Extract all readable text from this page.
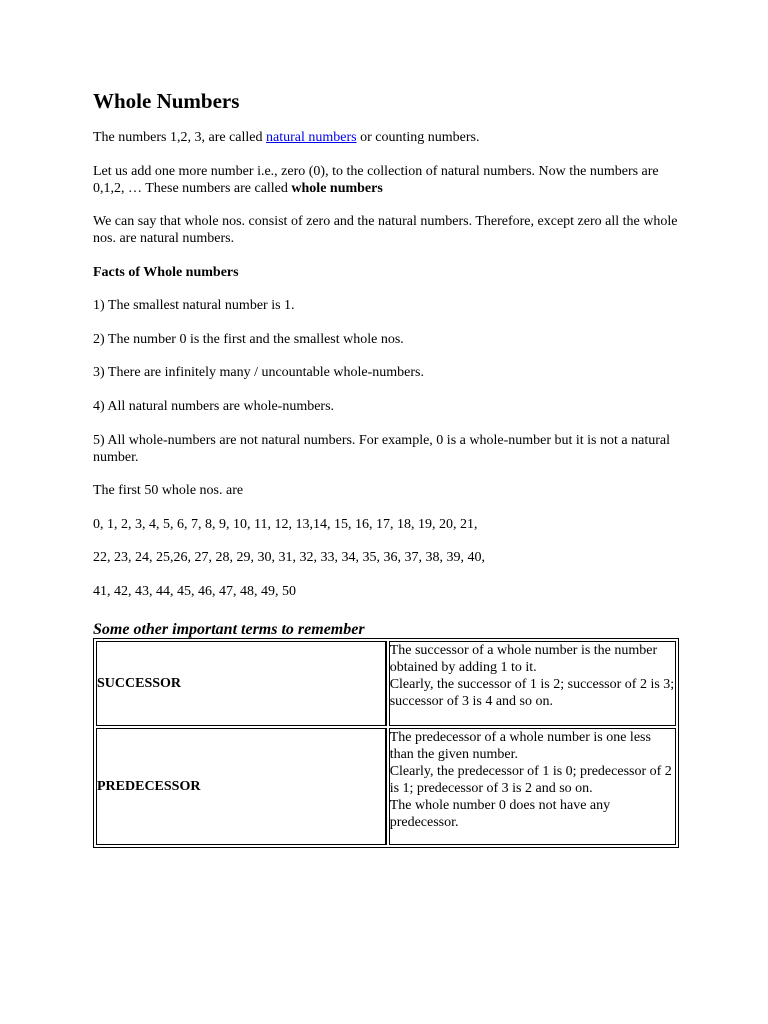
Whole Numbers

The numbers 1,2, 3, are called natural numbers or counting numbers.

Let us add one more number i.e., zero (0), to the collection of natural numbers. Now the numbers are 0,1,2, … These numbers are called whole numbers

We can say that whole nos. consist of zero and the natural numbers. Therefore, except zero all the whole nos. are natural numbers.

Facts of Whole numbers

1) The smallest natural number is 1.

2) The number 0 is the first and the smallest whole nos.

3) There are infinitely many / uncountable whole-numbers.

4) All natural numbers are whole-numbers.

5) All whole-numbers are not natural numbers. For example, 0 is a whole-number but it is not a natural number.

The first 50 whole nos. are

0, 1, 2, 3, 4, 5, 6, 7, 8, 9, 10, 11, 12, 13,14, 15, 16, 17, 18, 19, 20, 21,

22, 23, 24, 25,26, 27, 28, 29, 30, 31, 32, 33, 34, 35, 36, 37, 38, 39, 40,

41, 42, 43, 44, 45, 46, 47, 48, 49, 50

Some other important terms to remember

SUCCESSOR	The successor of a whole number is the number obtained by adding 1 to it.
Clearly, the successor of 1 is 2; successor of 2 is 3; successor of 3 is 4 and so on.

PREDECESSOR	The predecessor of a whole number is one less than the given number.
Clearly, the predecessor of 1 is 0; predecessor of 2 is 1; predecessor of 3 is 2 and so on.
The whole number 0 does not have any predecessor.
